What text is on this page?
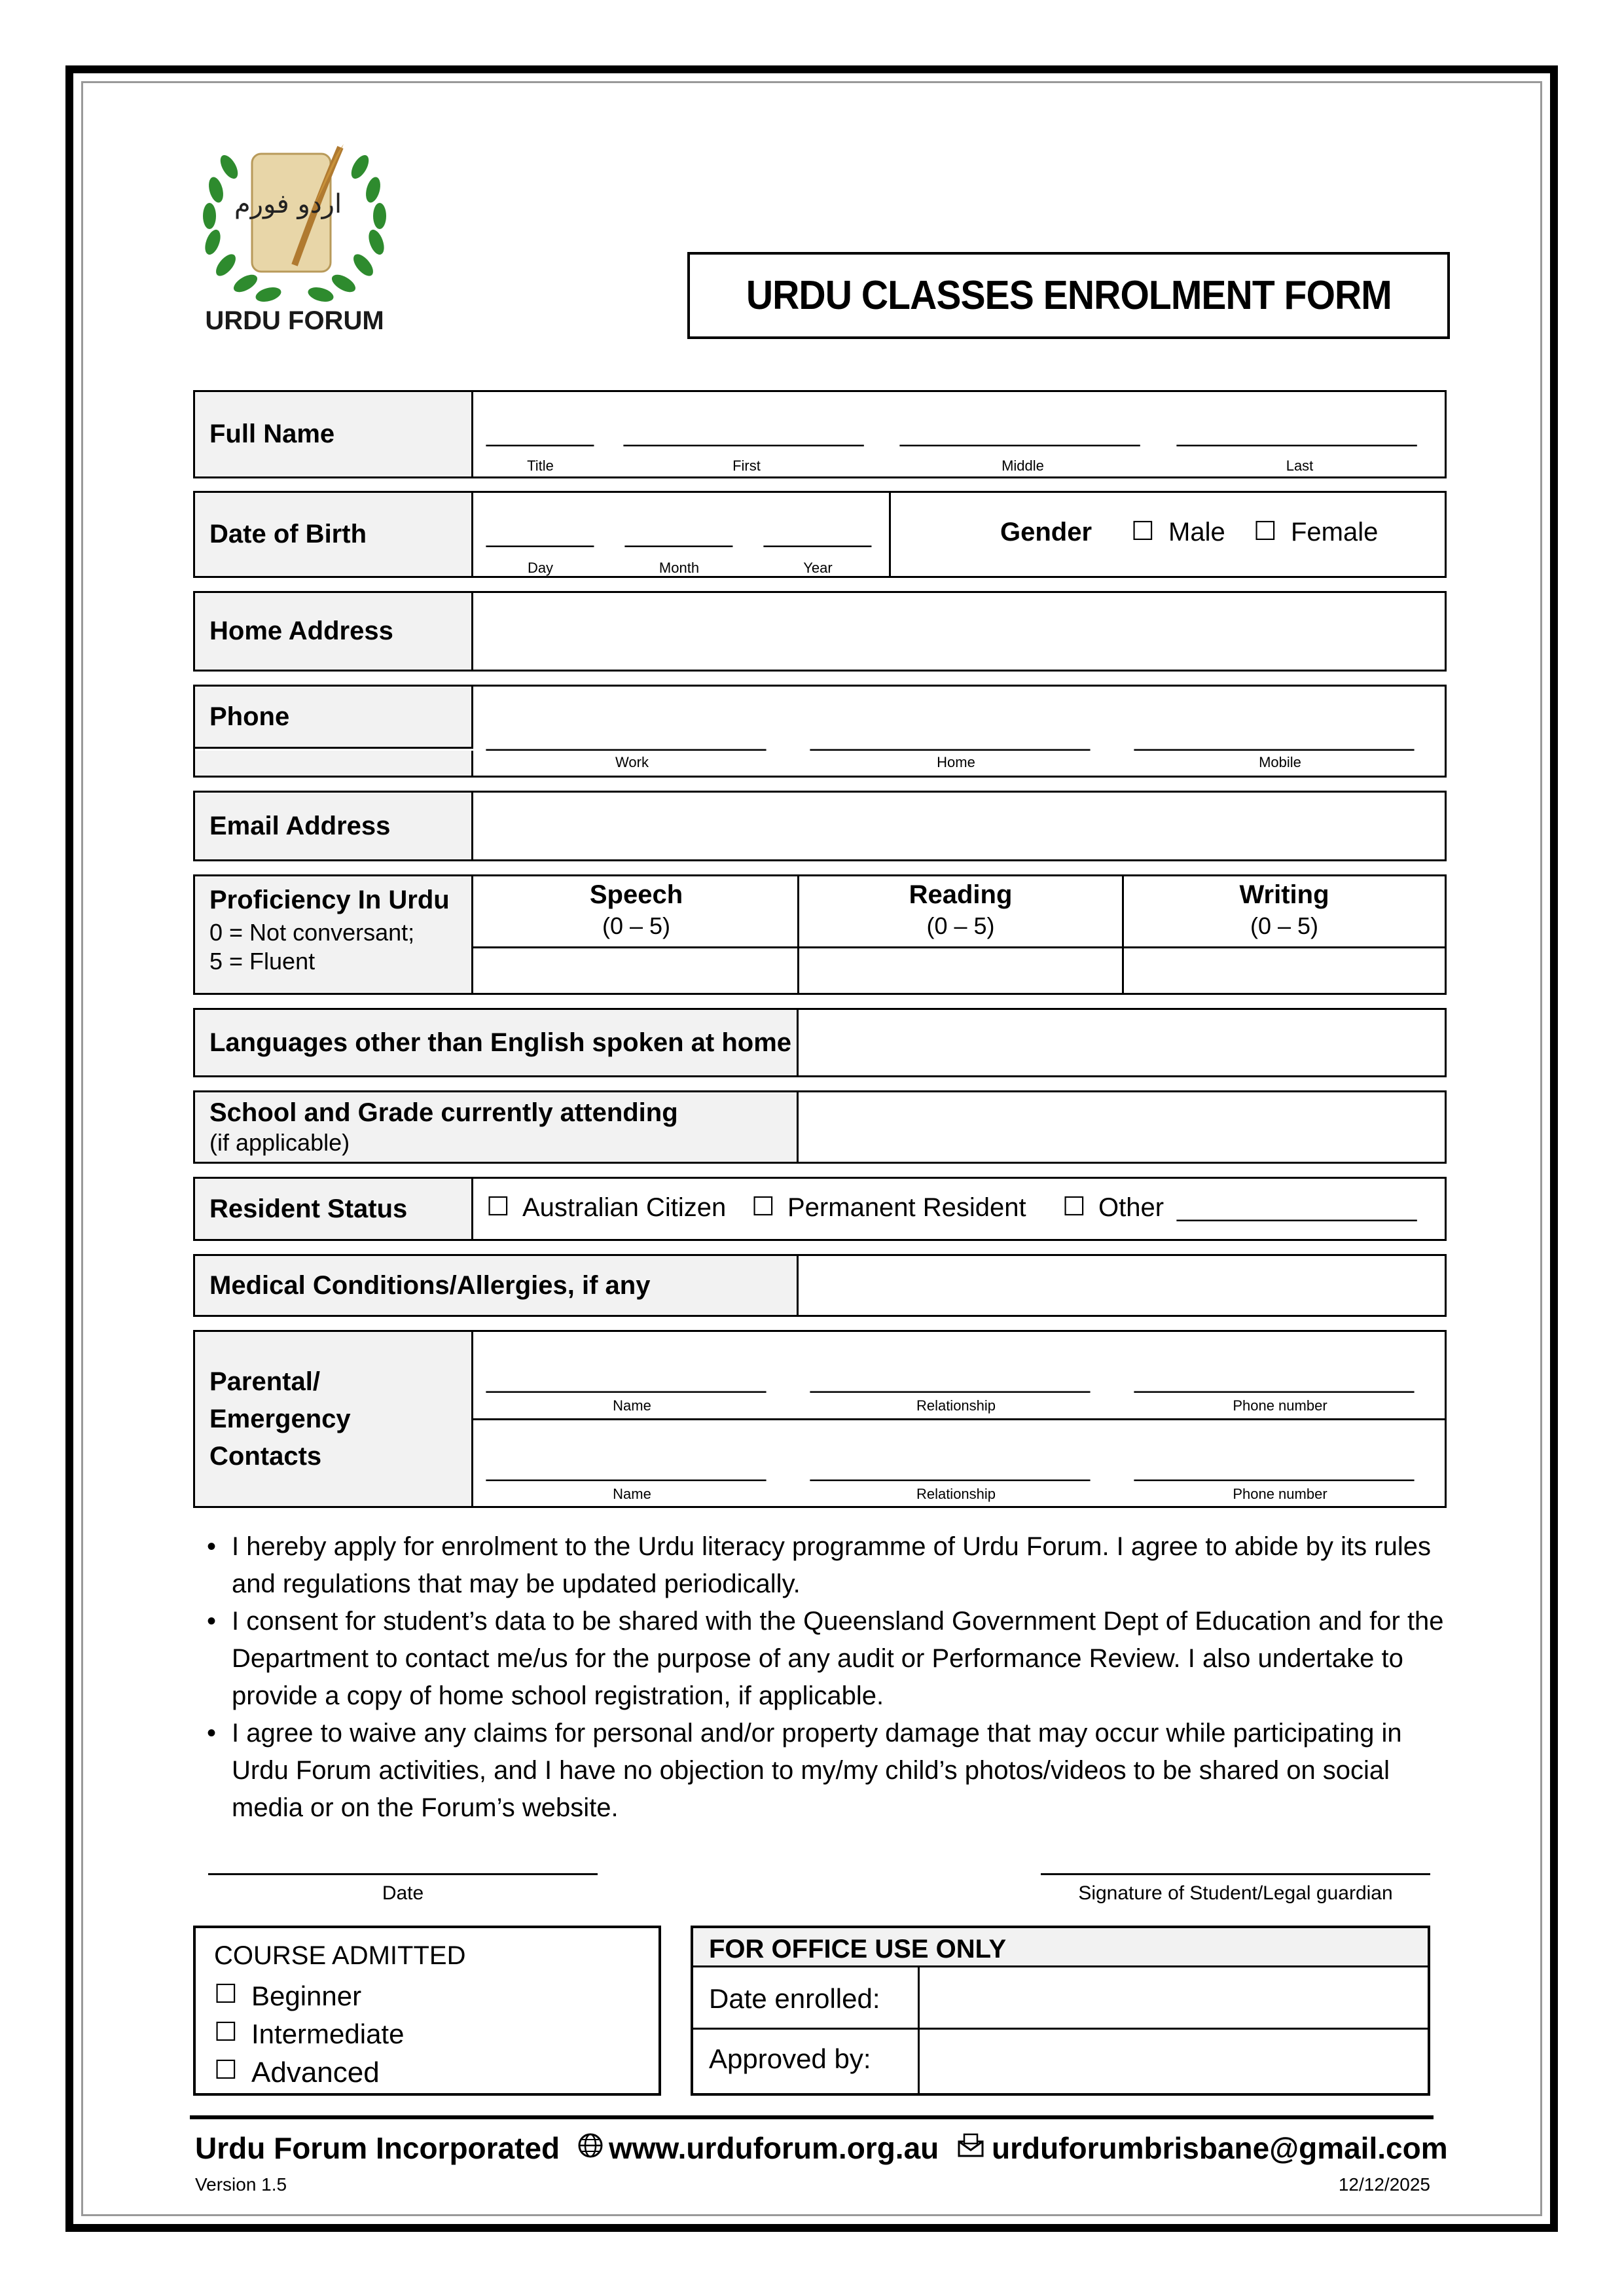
اردو فورم
URDU FORUM
URDU CLASSES ENROLMENT FORM
Full Name	________ __________________ __________________ __________________
Title	First	Middle	Last
Date of Birth	________ ________ ________
Day	Month	Year
Gender ☐ Male ☐ Female
Home Address
Phone
_____________________ _____________________ _____________________
Work	Home	Mobile
Email Address
Proficiency In Urdu
0 = Not conversant;
5 = Fluent
Speech
(0 – 5)
Reading
(0 – 5)
Writing
(0 – 5)
Languages other than English spoken at home
School and Grade currently attending
(if applicable)
Resident Status	☐ Australian Citizen ☐ Permanent Resident ☐ Other __________________
Medical Conditions/Allergies, if any
Parental/
Emergency
Contacts
_____________________ _____________________ _____________________
Name	Relationship	Phone number
_____________________ _____________________ _____________________
Name	Relationship	Phone number
• I hereby apply for enrolment to the Urdu literacy programme of Urdu Forum. I agree to abide by its rules and regulations that may be updated periodically.
• I consent for student’s data to be shared with the Queensland Government Dept of Education and for the Department to contact me/us for the purpose of any audit or Performance Review. I also undertake to provide a copy of home school registration, if applicable.
• I agree to waive any claims for personal and/or property damage that may occur while participating in Urdu Forum activities, and I have no objection to my/my child’s photos/videos to be shared on social media or on the Forum’s website.
Date	Signature of Student/Legal guardian
COURSE ADMITTED
☐ Beginner
☐ Intermediate
☐ Advanced
FOR OFFICE USE ONLY
Date enrolled:
Approved by:
Urdu Forum Incorporated www.urduforum.org.au urduforumbrisbane@gmail.com
Version 1.5	12/12/2025
